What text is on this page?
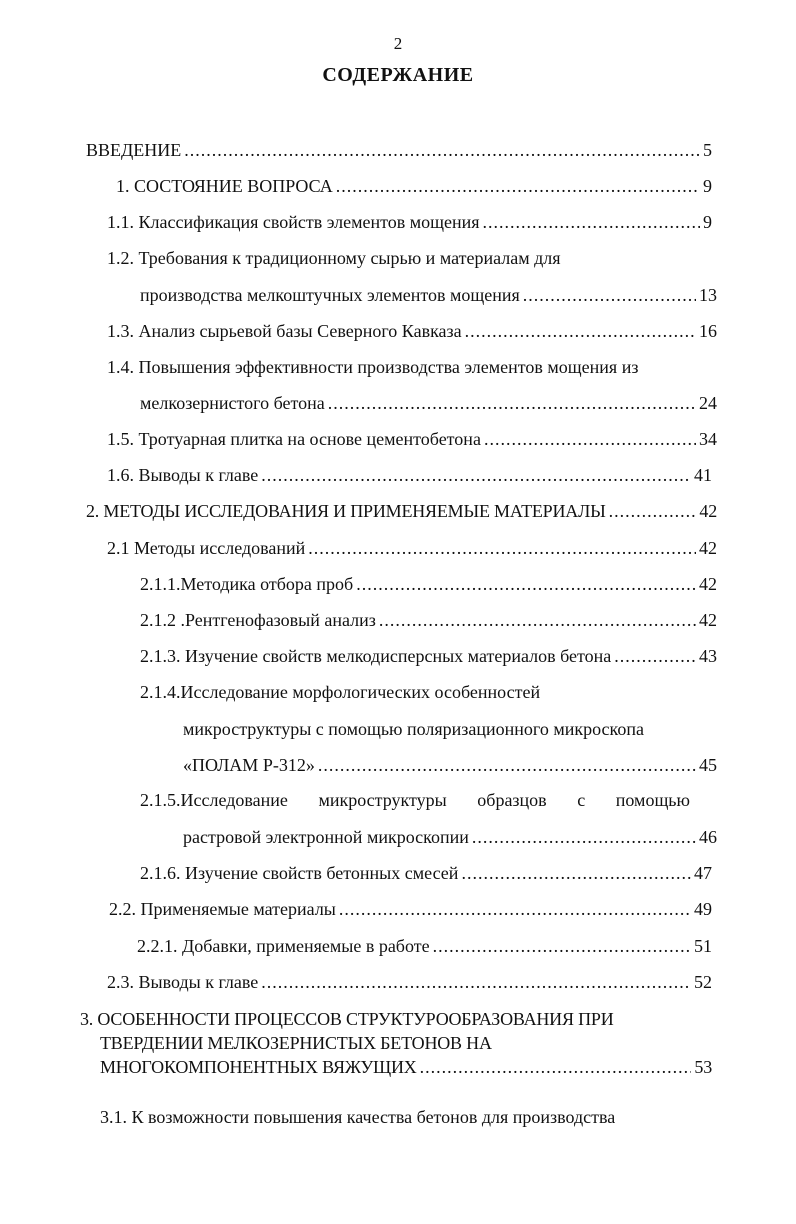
2
СОДЕРЖАНИЕ
ВВЕДЕНИЕ .....	5
1. СОСТОЯНИЕ ВОПРОСА .....	9
1.1. Классификация свойств элементов мощения .....	9
1.2. Требования к традиционному сырью и материалам для
производства мелкоштучных элементов мощения .....	13
1.3. Анализ сырьевой базы Северного Кавказа .....	16
1.4. Повышения эффективности производства элементов мощения из
мелкозернистого бетона .....	24
1.5. Тротуарная плитка на основе цементобетона .....	34
1.6. Выводы к главе .....	41
2. МЕТОДЫ ИССЛЕДОВАНИЯ И ПРИМЕНЯЕМЫЕ МАТЕРИАЛЫ .....	42
2.1 Методы исследований .....	42
2.1.1.Методика отбора проб .....	42
2.1.2 .Рентгенофазовый анализ .....	42
2.1.3. Изучение свойств мелкодисперсных материалов бетона .....	43
2.1.4.Исследование морфологических особенностей
микроструктуры с помощью поляризационного микроскопа
«ПОЛАМ Р-312» .....	45
2.1.5.Исследование микроструктуры образцов с помощью
растровой электронной микроскопии .....	46
2.1.6. Изучение свойств бетонных смесей .....	47
2.2. Применяемые материалы .....	49
2.2.1. Добавки, применяемые в работе .....	51
2.3. Выводы к главе .....	52
3. ОСОБЕННОСТИ ПРОЦЕССОВ СТРУКТУРООБРАЗОВАНИЯ ПРИ
ТВЕРДЕНИИ МЕЛКОЗЕРНИСТЫХ БЕТОНОВ НА
МНОГОКОМПОНЕНТНЫХ ВЯЖУЩИХ .....	53
3.1. К возможности повышения качества бетонов для производства
